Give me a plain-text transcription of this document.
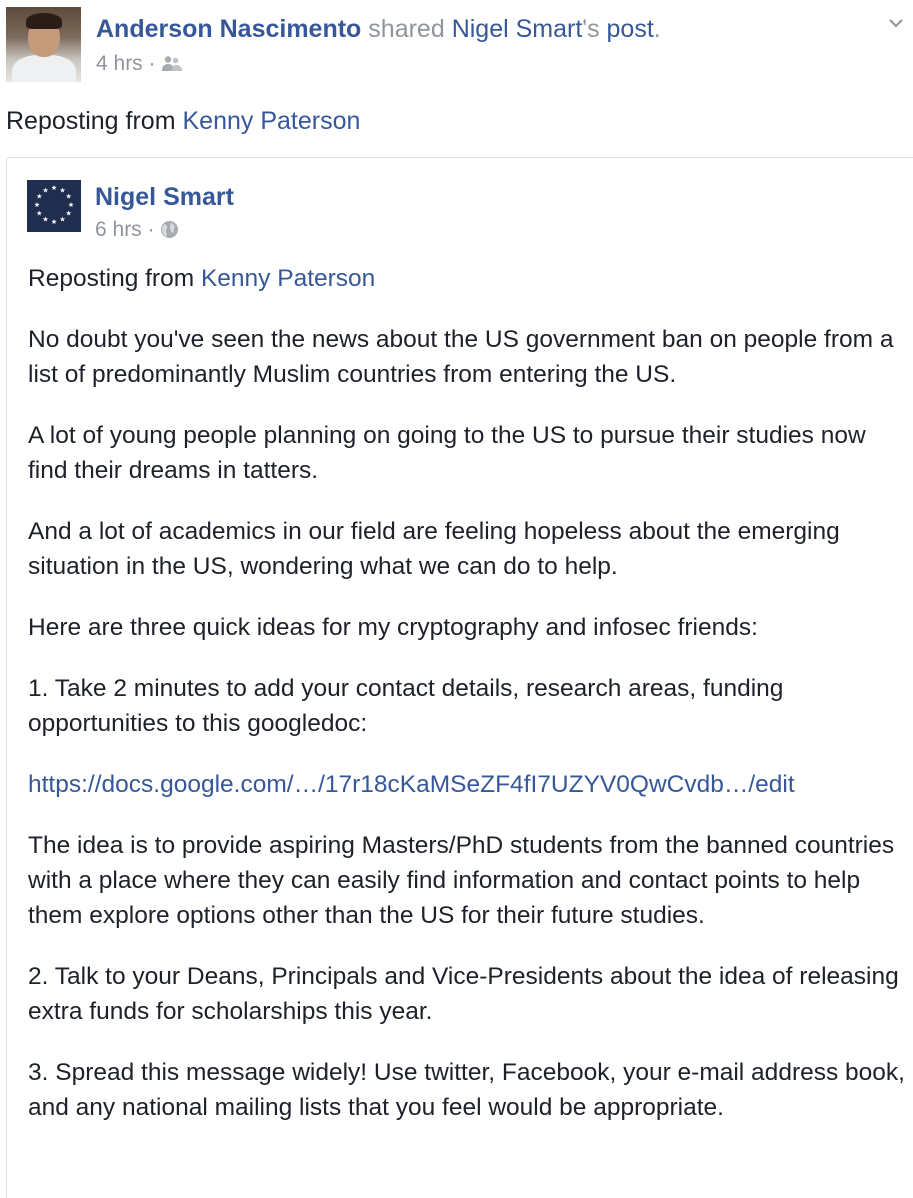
Anderson Nascimento shared Nigel Smart's post.
4 hrs ·
Reposting from Kenny Paterson
★ ★
★
★
★
★
★
★
★
★
★
★ Nigel Smart
6 hrs ·

Reposting from Kenny Paterson

No doubt you've seen the news about the US government ban on people from a list of predominantly Muslim countries from entering the US.

A lot of young people planning on going to the US to pursue their studies now find their dreams in tatters.

And a lot of academics in our field are feeling hopeless about the emerging situation in the US, wondering what we can do to help.

Here are three quick ideas for my cryptography and infosec friends:

1. Take 2 minutes to add your contact details, research areas, funding opportunities to this googledoc:

https://docs.google.com/…/17r18cKaMSeZF4fI7UZYV0QwCvdb…/edit

The idea is to provide aspiring Masters/PhD students from the banned countries with a place where they can easily find information and contact points to help them explore options other than the US for their future studies.

2. Talk to your Deans, Principals and Vice-Presidents about the idea of releasing extra funds for scholarships this year.

3. Spread this message widely! Use twitter, Facebook, your e-mail address book, and any national mailing lists that you feel would be appropriate.
